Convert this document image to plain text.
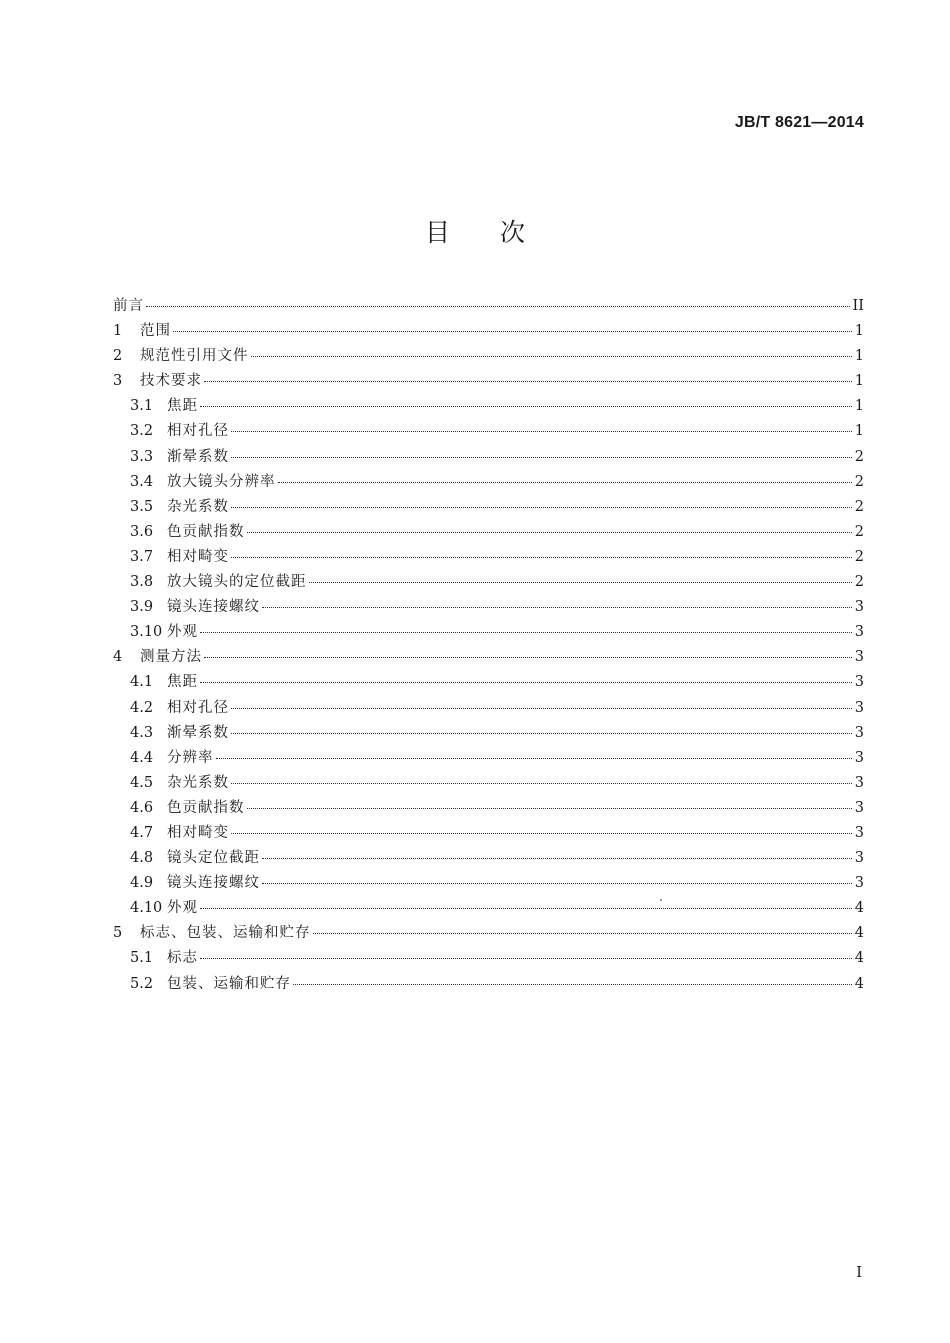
JB/T 8621—2014
目次
前言	II
1	范围	1
2	规范性引用文件	1
3	技术要求	1
3.1 焦距	1
3.2 相对孔径	1
3.3 渐晕系数	2
3.4 放大镜头分辨率	2
3.5 杂光系数	2
3.6 色贡献指数	2
3.7 相对畸变	2
3.8 放大镜头的定位截距	2
3.9 镜头连接螺纹	3
3.10 外观	3
4	测量方法	3
4.1 焦距	3
4.2 相对孔径	3
4.3 渐晕系数	3
4.4 分辨率	3
4.5 杂光系数	3
4.6 色贡献指数	3
4.7 相对畸变	3
4.8 镜头定位截距	3
4.9 镜头连接螺纹	3
4.10 外观	4
5	标志、包装、运输和贮存	4
5.1 标志	4
5.2 包装、运输和贮存	4
I
